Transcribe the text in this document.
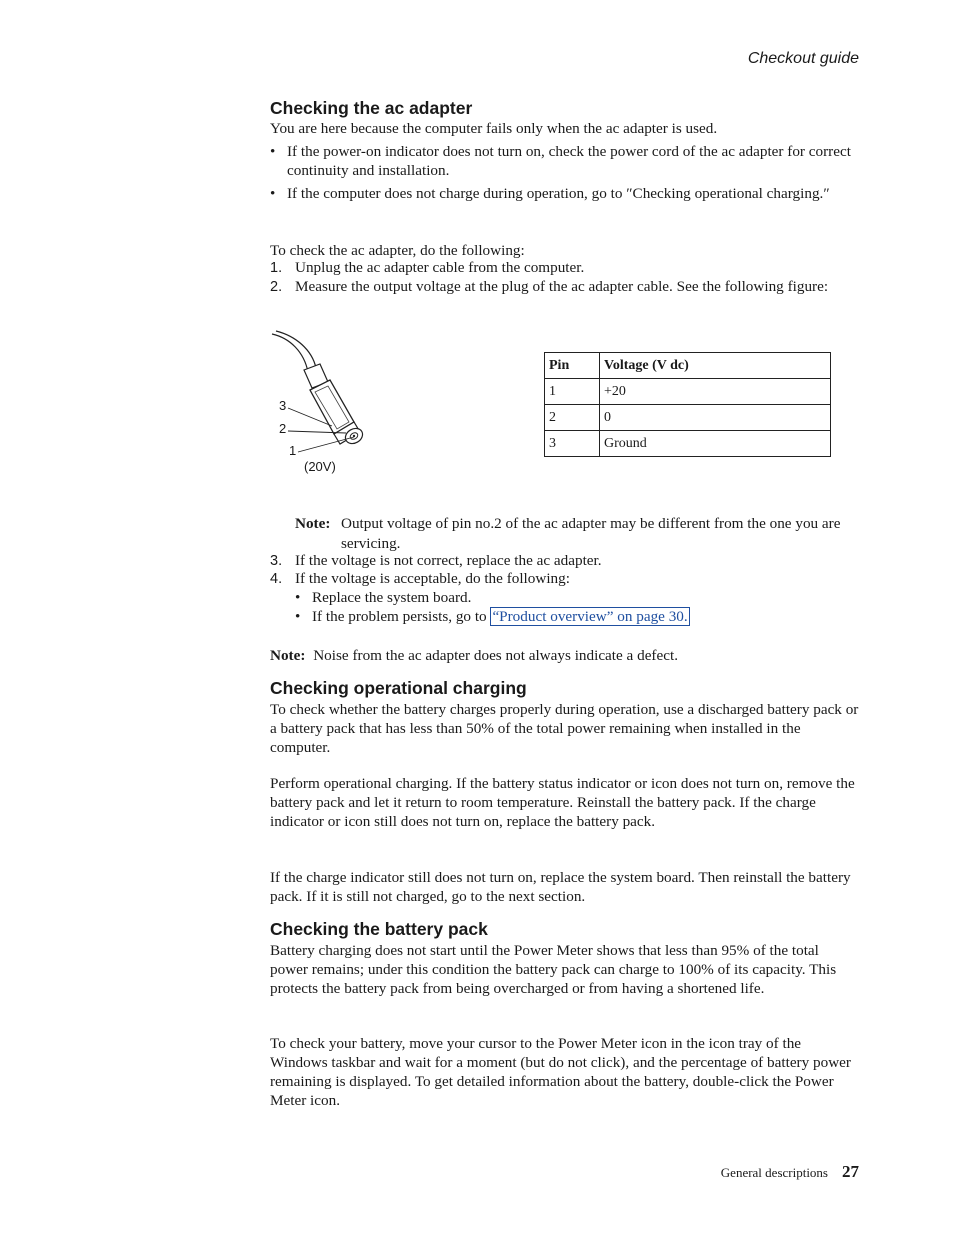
Checkout guide
Checking the ac adapter

You are here because the computer fails only when the ac adapter is used.

• If the power-on indicator does not turn on, check the power cord of the ac adapter for correct continuity and installation.
• If the computer does not charge during operation, go to ″Checking operational charging.″

To check the ac adapter, do the following:

1. Unplug the ac adapter cable from the computer.
2. Measure the output voltage at the plug of the ac adapter cable. See the following figure:
3
2
1
(20V)
Pin	Voltage (V dc)
1	+20
2	0
3	Ground
Note: Output voltage of pin no.2 of the ac adapter may be different from the one you are servicing.
3. If the voltage is not correct, replace the ac adapter.
4. If the voltage is acceptable, do the following:
• Replace the system board.
• If the problem persists, go to “Product overview” on page 30.
Note: Noise from the ac adapter does not always indicate a defect.
Checking operational charging

To check whether the battery charges properly during operation, use a discharged battery pack or a battery pack that has less than 50% of the total power remaining when installed in the computer.

Perform operational charging. If the battery status indicator or icon does not turn on, remove the battery pack and let it return to room temperature. Reinstall the battery pack. If the charge indicator or icon still does not turn on, replace the battery pack.

If the charge indicator still does not turn on, replace the system board. Then reinstall the battery pack. If it is still not charged, go to the next section.

Checking the battery pack

Battery charging does not start until the Power Meter shows that less than 95% of the total power remains; under this condition the battery pack can charge to 100% of its capacity. This protects the battery pack from being overcharged or from having a shortened life.

To check your battery, move your cursor to the Power Meter icon in the icon tray of the Windows taskbar and wait for a moment (but do not click), and the percentage of battery power remaining is displayed. To get detailed information about the battery, double-click the Power Meter icon.

General descriptions 27
